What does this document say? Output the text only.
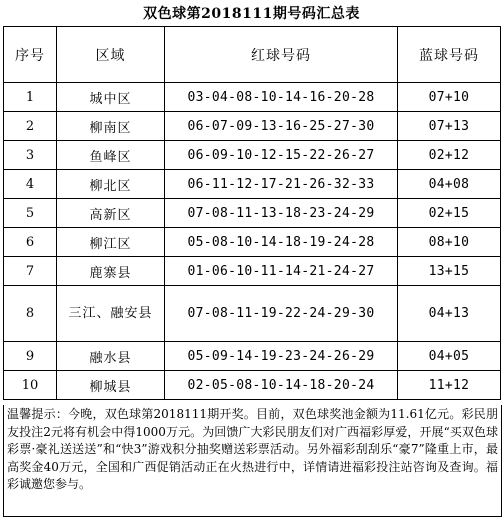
双色球第2018111期号码汇总表
序号	区域	红球号码	蓝球号码
1	城中区	03-04-08-10-14-16-20-28	07+10
2	柳南区	06-07-09-13-16-25-27-30	07+13
3	鱼峰区	06-09-10-12-15-22-26-27	02+12
4	柳北区	06-11-12-17-21-26-32-33	04+08
5	高新区	07-08-11-13-18-23-24-29	02+15
6	柳江区	05-08-10-14-18-19-24-28	08+10
7	鹿寨县	01-06-10-11-14-21-24-27	13+15
8	三江、融安县	07-08-11-19-22-24-29-30	04+13
9	融水县	05-09-14-19-23-24-26-29	04+05
10	柳城县	02-05-08-10-14-18-20-24	11+12
温馨提示：今晚，双色球第2018111期开奖。目前，双色球奖池金额为11.61亿元。彩民朋友投注2元将有机会中得1000万元。为回馈广大彩民朋友们对广西福彩厚爱，开展“买双色球彩票·豪礼送送送”和“快3”游戏积分抽奖赠送彩票活动。另外福彩刮刮乐“豪7”隆重上市，最高奖金40万元，全国和广西促销活动正在火热进行中，详情请进福彩投注站咨询及查询。福彩诚邀您参与。
